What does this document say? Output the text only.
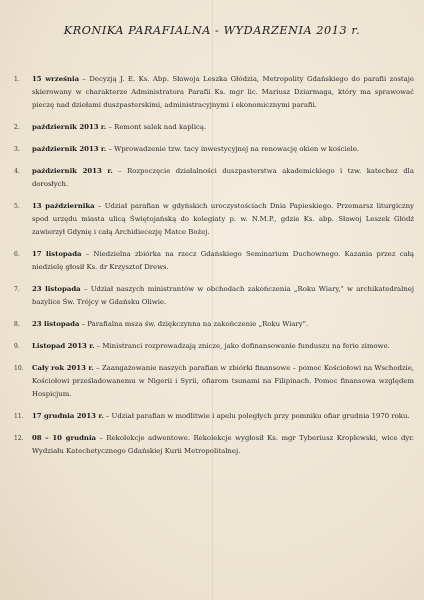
KRONIKA PARAFIALNA - WYDARZENIA 2013 r.
1. 15 września – Decyzją J. E. Ks. Abp. Sławoja Leszka Głódzia, Metropolity Gdańskiego do parafii zostaje skierowany w charakterze Administratora Parafii Ks. mgr lic. Mariusz Dziarmaga, który ma sprawować pieczę nad dziełami duszpasterskimi, administracyjnymi i ekonomicznymi parafii.
2. październik 2013 r. – Remont salek nad kaplicą.
3. październik 2013 r. – Wprowadzenie tzw. tacy inwestycyjnej na renowację okien w kościele.
4. październik 2013 r. – Rozpoczęcie działalności duszpasterstwa akademickiego i tzw. katechez dla dorosłych.
5. 13 października – Udział parafian w gdyńskich uroczystościach Dnia Papieskiego. Przemarsz liturgiczny spod urzędu miasta ulicą Świętojańską do kolegiaty p. w. N.M.P., gdzie Ks. abp. Sławoj Leszek Głódź zawierzył Gdynię i całą Archidiecezję Matce Bożej.
6. 17 listopada – Niedzielna zbiórka na rzecz Gdańskiego Seminarium Duchownego. Kazania przez całą niedzielę głosił Ks. dr Krzysztof Drews.
7. 23 listopada – Udział naszych ministrantów w obchodach zakończenia „Roku Wiary," w archikatedralnej bazylice Św. Trójcy w Gdańsku Oliwie.
8. 23 listopada – Parafialna msza św. dziękczynna na zakończenie „Roku Wiary".
9. Listopad 2013 r. – Ministranci rozprowadzają znicze, jako dofinansowanie funduszu na ferie zimowe.
10. Cały rok 2013 r. – Zaangażowanie naszych parafian w zbiórki finansowe – pomoc Kościołowi na Wschodzie, Kościołowi prześladowanemu w Nigerii i Syrii, ofiarom tsunami na Filipinach. Pomoc finansowa względem Hospicjum.
11. 17 grudnia 2013 r. – Udział parafian w modlitwie i apelu poległych przy pomniku ofiar grudnia 1970 roku.
12. 08 – 10 grudnia – Rekolekcje adwentowe. Rekolekcje wygłosił Ks. mgr Tyberiusz Kroplewski, wice dyr. Wydziału Katechetycznego Gdańskiej Kurii Metropolitalnej.
